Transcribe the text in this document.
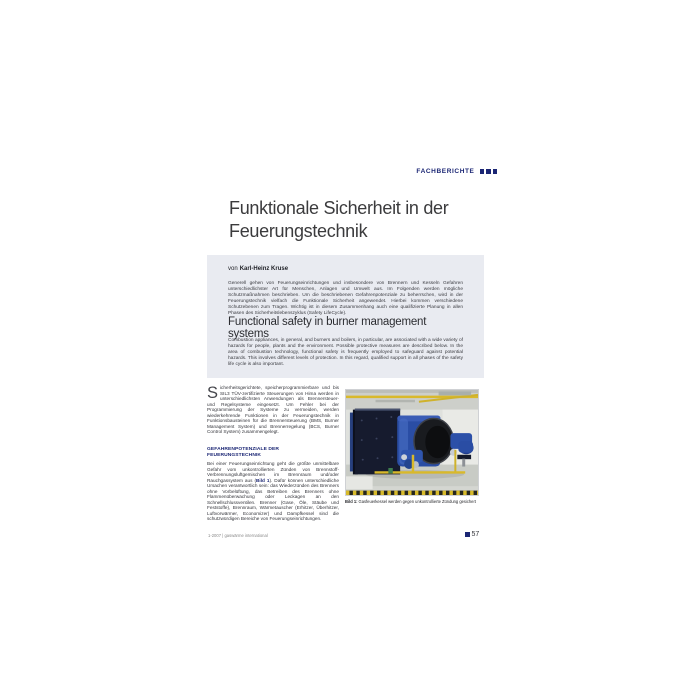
FACHBERICHTE
Funktionale Sicherheit in der Feuerungstechnik
von Karl-Heinz Kruse

Generell gehen von Feuerungseinrichtungen und insbesondere von Brennern und Kesseln Gefahren unterschiedlichster Art für Menschen, Anlagen und Umwelt aus. Im Folgenden werden mögliche Schutzmaßnahmen beschrieben. Um die beschriebenen Gefahrenpotenziale zu beherrschen, wird in der Feuerungstechnik vielfach die Funktionale Sicherheit angewendet. Hierbei kommen verschiedene Schutzebenen zum Tragen. Wichtig ist in diesem Zusammenhang auch eine qualifizierte Planung in allen Phasen des Sicherheitslebenszyklus (Safety LifeCycle).

Functional safety in burner management systems

Combustion appliances, in general, and burners and boilers, in particular, are associated with a wide variety of hazards for people, plants and the environment. Possible protective measures are described below. In the area of combustion technology, functional safety is frequently employed to safeguard against potential hazards. This involves different levels of protection. In this regard, qualified support in all phases of the safety life cycle is also important.

Sicherheitsgerichtete, speicherprogrammierbare und bis SIL3 TÜV-zertifizierte Steuerungen von Hima werden in unterschiedlichsten Anwendungen als Brennersteuer- und Regelsysteme eingesetzt. Um Fehler bei der Programmierung der Systeme zu vermeiden, werden wiederkehrende Funktionen in der Feuerungstechnik in Funktionsbausteinen für die Brennersteuerung (BMS, Burner Management System) und Brennerregelung (BCS, Burner Control System) zusammengelegt.

GEFAHRENPOTENZIALE DER FEUERUNGSTECHNIK

Bei einer Feuerungseinrichtung geht die größte unmittelbare Gefahr vom unkontrollierten Zünden von Brennstoff-Verbrennungsluftgemischen im Brennraum und/oder Rauchgassystem aus (Bild 1). Dafür können unterschiedliche Ursachen verantwortlich sein: das Wiederzünden des Brenners ohne Vorbelüftung, das Betreiben des Brenners ohne Flammenüberwachung oder Leckagen an den Schnellschlussventilen. Brenner (Gase, Öle, Stäube und Feststoffe), Brennraum, Wärmetauscher (Erhitzer, Überhitzer, Luftvorwärmer, Economizer) und Dampfkessel sind die schutzwürdigen Bereiche von Feuerungseinrichtungen.

Bild 1:Gasfeuerkessel werden gegen unkontrollierte Zündung gesichert
1-2007 | gaswärme international	57
